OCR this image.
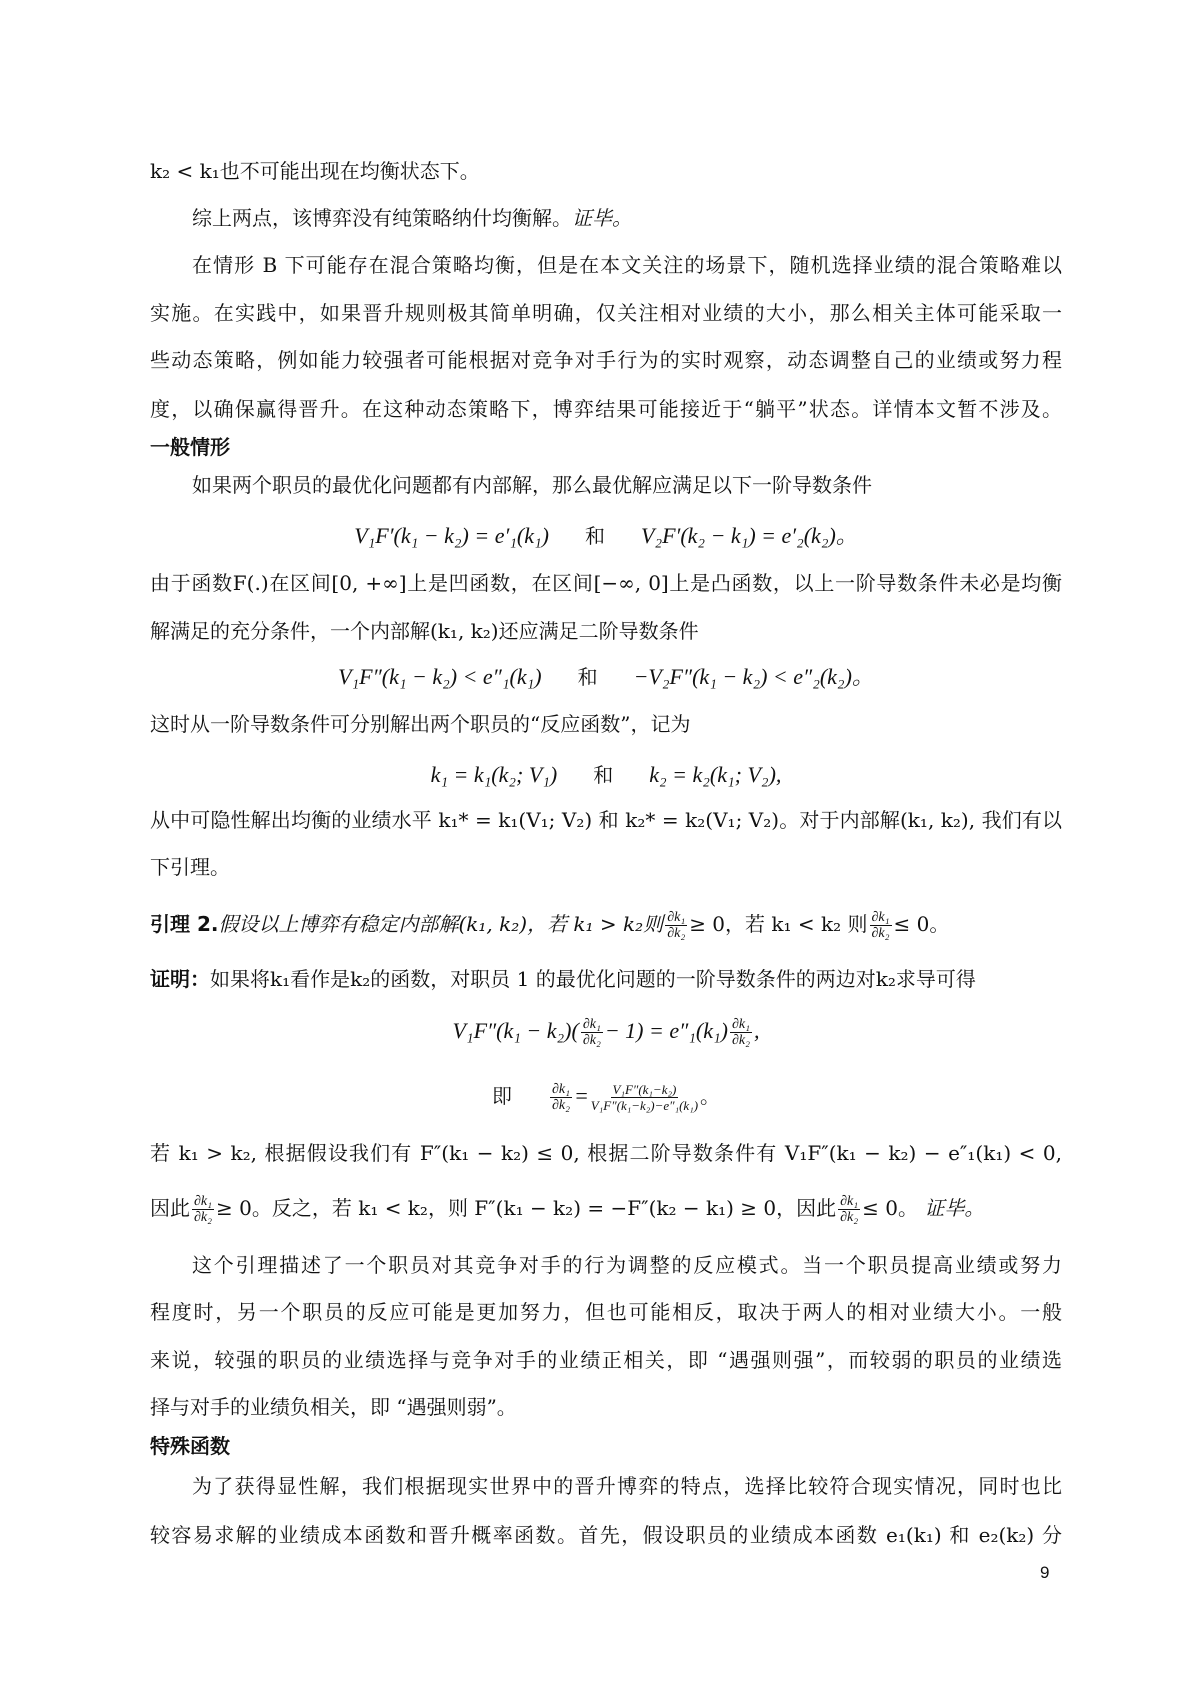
k₂ < k₁也不可能出现在均衡状态下。
综上两点，该博弈没有纯策略纳什均衡解。证毕。
在情形 B 下可能存在混合策略均衡，但是在本文关注的场景下，随机选择业绩的混合策略难以
实施。在实践中，如果晋升规则极其简单明确，仅关注相对业绩的大小，那么相关主体可能采取一
些动态策略，例如能力较强者可能根据对竞争对手行为的实时观察，动态调整自己的业绩或努力程
度，以确保赢得晋升。在这种动态策略下，博弈结果可能接近于“躺平”状态。详情本文暂不涉及。
一般情形
如果两个职员的最优化问题都有内部解，那么最优解应满足以下一阶导数条件
V₁F′(k₁ − k₂) = e′₁(k₁) 和 V₂F′(k₂ − k₁) = e′₂(k₂)。
由于函数F(.)在区间[0, +∞]上是凹函数，在区间[−∞, 0]上是凸函数，以上一阶导数条件未必是均衡
解满足的充分条件，一个内部解(k₁, k₂)还应满足二阶导数条件
V₁F″(k₁ − k₂) < e″₁(k₁) 和 −V₂F″(k₁ − k₂) < e″₂(k₂)。
这时从一阶导数条件可分别解出两个职员的“反应函数”，记为
k₁ = k₁(k₂; V₁) 和 k₂ = k₂(k₁; V₂),
从中可隐性解出均衡的业绩水平 k₁* = k₁(V₁; V₂) 和 k₂* = k₂(V₁; V₂)。对于内部解(k₁, k₂), 我们有以
下引理。
引理 2.假设以上博弈有稳定内部解(k₁, k₂)，若 k₁ > k₂则 $\frac{\text{∂k₁}}{\text{∂k₂}} \ge 0$，若 k₁ < k₂ 则 $\frac{\text{∂k₁}}{\text{∂k₂}} \le 0$。
证明：如果将k₁看作是k₂的函数，对职员 1 的最优化问题的一阶导数条件的两边对k₂求导可得
$V_1F''(k_1 - k_2)( \frac{\text{∂k₁}}{\text{∂k₂}} - 1) = e''_1(k_1) \frac{\text{∂k₁}}{\text{∂k₂}}$ ,
即	$\frac{\text{∂k₁}}{\text{∂k₂}} = \frac{\text{V₁F″(k₁−k₂)}}{\text{V₁F″(k₁−k₂)−e″₁(k₁)}}$ 。
若 k₁ > k₂, 根据假设我们有 F″(k₁ − k₂) ≤ 0, 根据二阶导数条件有 V₁F″(k₁ − k₂) − e″₁(k₁) < 0,
因此 $\frac{\text{∂k₁}}{\text{∂k₂}} \ge 0$。反之，若 k₁ < k₂，则 F″(k₁ − k₂) = −F″(k₂ − k₁) ≥ 0，因此 $\frac{\text{∂k₁}}{\text{∂k₂}} \le 0$。 证毕。
这个引理描述了一个职员对其竞争对手的行为调整的反应模式。当一个职员提高业绩或努力
程度时，另一个职员的反应可能是更加努力，但也可能相反，取决于两人的相对业绩大小。一般
来说，较强的职员的业绩选择与竞争对手的业绩正相关，即 “遇强则强”，而较弱的职员的业绩选
择与对手的业绩负相关，即 “遇强则弱”。
特殊函数
为了获得显性解，我们根据现实世界中的晋升博弈的特点，选择比较符合现实情况，同时也比
较容易求解的业绩成本函数和晋升概率函数。首先，假设职员的业绩成本函数 e₁(k₁) 和 e₂(k₂) 分
9
